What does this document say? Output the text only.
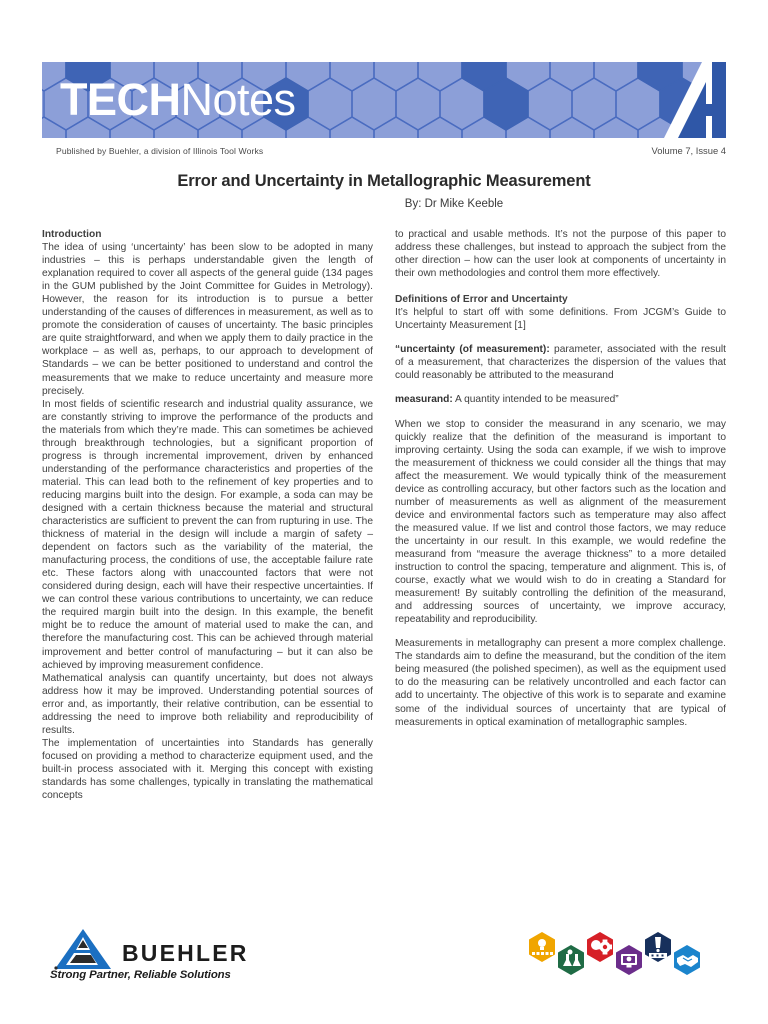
TECHNotes
Published by Buehler, a division of Illinois Tool Works	Volume 7, Issue 4
Error and Uncertainty in Metallographic Measurement
By: Dr Mike Keeble

Introduction

The idea of using ‘uncertainty’ has been slow to be adopted in many industries – this is perhaps understandable given the length of explanation required to cover all aspects of the general guide (134 pages in the GUM published by the Joint Committee for Guides in Metrology). However, the reason for its introduction is to pursue a better understanding of the causes of differences in measurement, as well as to promote the consideration of causes of uncertainty. The basic principles are quite straightforward, and when we apply them to daily practice in the workplace – as well as, perhaps, to our approach to development of Standards – we can be better positioned to understand and control the measurements that we make to reduce uncertainty and measure more precisely.

In most fields of scientific research and industrial quality assurance, we are constantly striving to improve the performance of the products and the materials from which they’re made. This can sometimes be achieved through breakthrough technologies, but a significant proportion of progress is through incremental improvement, driven by enhanced understanding of the performance characteristics and properties of the material. This can lead both to the refinement of key properties and to reducing margins built into the design. For example, a soda can may be designed with a certain thickness because the material and structural characteristics are sufficient to prevent the can from rupturing in use. The thickness of material in the design will include a margin of safety – dependent on factors such as the variability of the material, the manufacturing process, the conditions of use, the acceptable failure rate etc. These factors along with unaccounted factors that were not considered during design, each will have their respective uncertainties. If we can control these various contributions to uncertainty, we can reduce the required margin built into the design. In this example, the benefit might be to reduce the amount of material used to make the can, and therefore the manufacturing cost. This can be achieved through material improvement and better control of manufacturing – but it can also be achieved by improving measurement confidence.

Mathematical analysis can quantify uncertainty, but does not always address how it may be improved. Understanding potential sources of error and, as importantly, their relative contribution, can be essential to addressing the need to improve both reliability and reproducibility of results.

The implementation of uncertainties into Standards has generally focused on providing a method to characterize equipment used, and the built-in process associated with it. Merging this concept with existing standards has some challenges, typically in translating the mathematical concepts

to practical and usable methods. It’s not the purpose of this paper to address these challenges, but instead to approach the subject from the other direction – how can the user look at components of uncertainty in their own methodologies and control them more effectively.

Definitions of Error and Uncertainty

It’s helpful to start off with some definitions. From JCGM’s Guide to Uncertainty Measurement [1]

“uncertainty (of measurement): parameter, associated with the result of a measurement, that characterizes the dispersion of the values that could reasonably be attributed to the measurand

measurand: A quantity intended to be measured”

When we stop to consider the measurand in any scenario, we may quickly realize that the definition of the measurand is important to improving certainty. Using the soda can example, if we wish to improve the measurement of thickness we could consider all the things that may affect the measurement. We would typically think of the measurement device as controlling accuracy, but other factors such as the location and number of measurements as well as alignment of the measurement device and environmental factors such as temperature may also affect the measured value. If we list and control those factors, we may reduce the uncertainty in our result. In this example, we would redefine the measurand from “measure the average thickness” to a more detailed instruction to control the spacing, temperature and alignment. This is, of course, exactly what we would wish to do in creating a Standard for measurement! By suitably controlling the definition of the measurand, and addressing sources of uncertainty, we improve accuracy, repeatability and reproducibility.

Measurements in metallography can present a more complex challenge. The standards aim to define the measurand, but the condition of the item being measured (the polished specimen), as well as the equipment used to do the measuring can be relatively uncontrolled and each factor can add to uncertainty. The objective of this work is to separate and examine some of the individual sources of uncertainty that are typical of measurements in optical examination of metallographic samples.

BUEHLER
Strong Partner, Reliable Solutions
